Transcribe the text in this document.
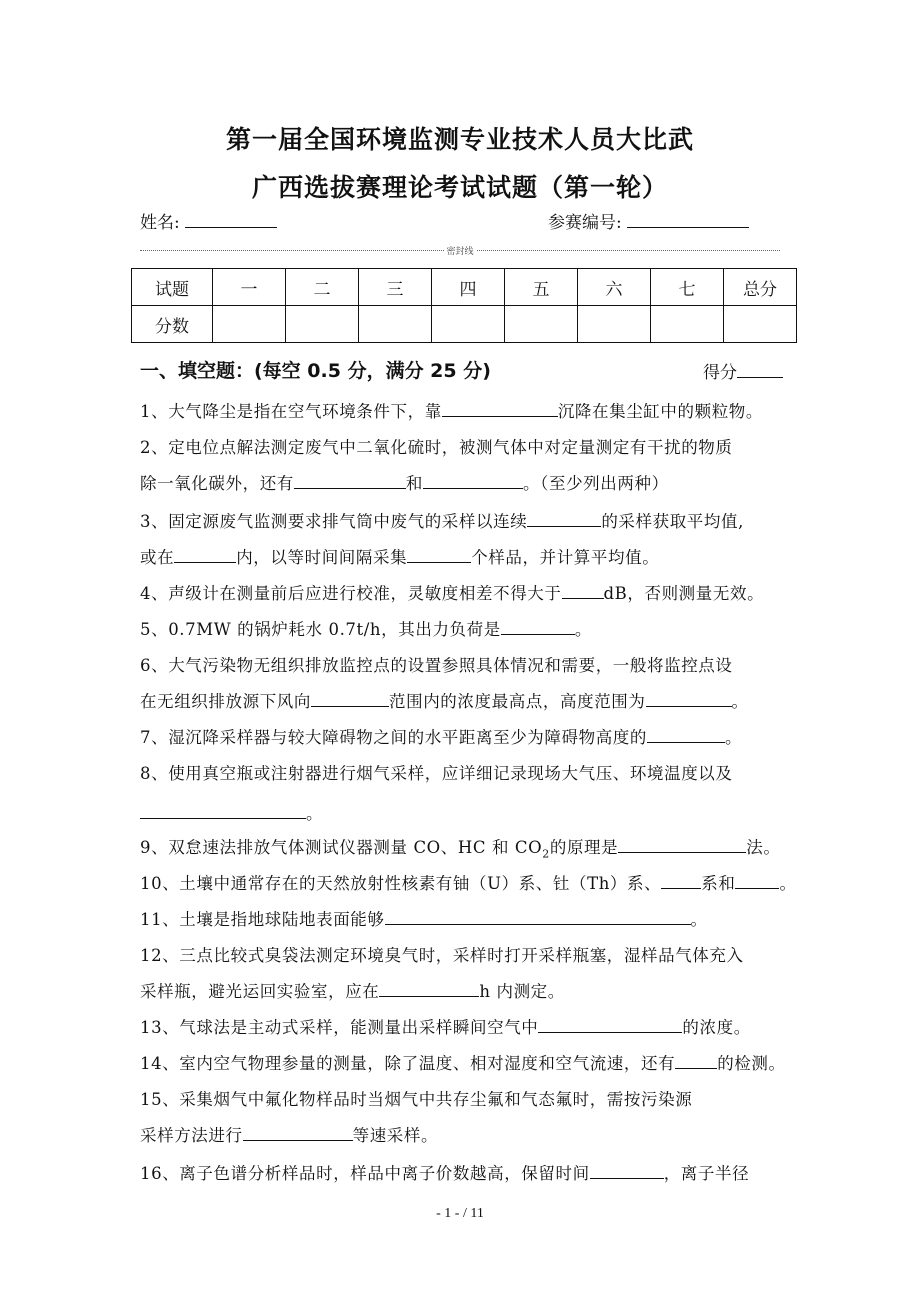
第一届全国环境监测专业技术人员大比武
广西选拔赛理论考试试题（第一轮）
姓名:	参赛编号:
密封线
试题	一	二	三	四	五	六	七	总分
分数								
一、填空题：(每空 0.5 分，满分 25 分)	得分
1、大气降尘是指在空气环境条件下，靠	沉降在集尘缸中的颗粒物。
2、定电位点解法测定废气中二氧化硫时，被测气体中对定量测定有干扰的物质
除一氧化碳外，还有	和	。（至少列出两种）
3、固定源废气监测要求排气筒中废气的采样以连续	的采样获取平均值,
或在	内，以等时间间隔采集	个样品，并计算平均值。
4、声级计在测量前后应进行校准，灵敏度相差不得大于	dB，否则测量无效。
5、0.7MW 的锅炉耗水 0.7t/h，其出力负荷是	。
6、大气污染物无组织排放监控点的设置参照具体情况和需要，一般将监控点设
在无组织排放源下风向	范围内的浓度最高点，高度范围为	。
7、湿沉降采样器与较大障碍物之间的水平距离至少为障碍物高度的	。
8、使用真空瓶或注射器进行烟气采样，应详细记录现场大气压、环境温度以及
。
9、双怠速法排放气体测试仪器测量 CO、HC 和 $CO_2$的原理是	法。
10、土壤中通常存在的天然放射性核素有铀（U）系、钍（Th）系、 系和	。
11、土壤是指地球陆地表面能够	。
12、三点比较式臭袋法测定环境臭气时，采样时打开采样瓶塞，湿样品气体充入
采样瓶，避光运回实验室，应在	h 内测定。
13、气球法是主动式采样，能测量出采样瞬间空气中	的浓度。
14、室内空气物理参量的测量，除了温度、相对湿度和空气流速，还有	的检测。
15、采集烟气中氟化物样品时当烟气中共存尘氟和气态氟时，需按污染源
采样方法进行	等速采样。
16、离子色谱分析样品时，样品中离子价数越高，保留时间	，离子半径
- 1 - / 11
